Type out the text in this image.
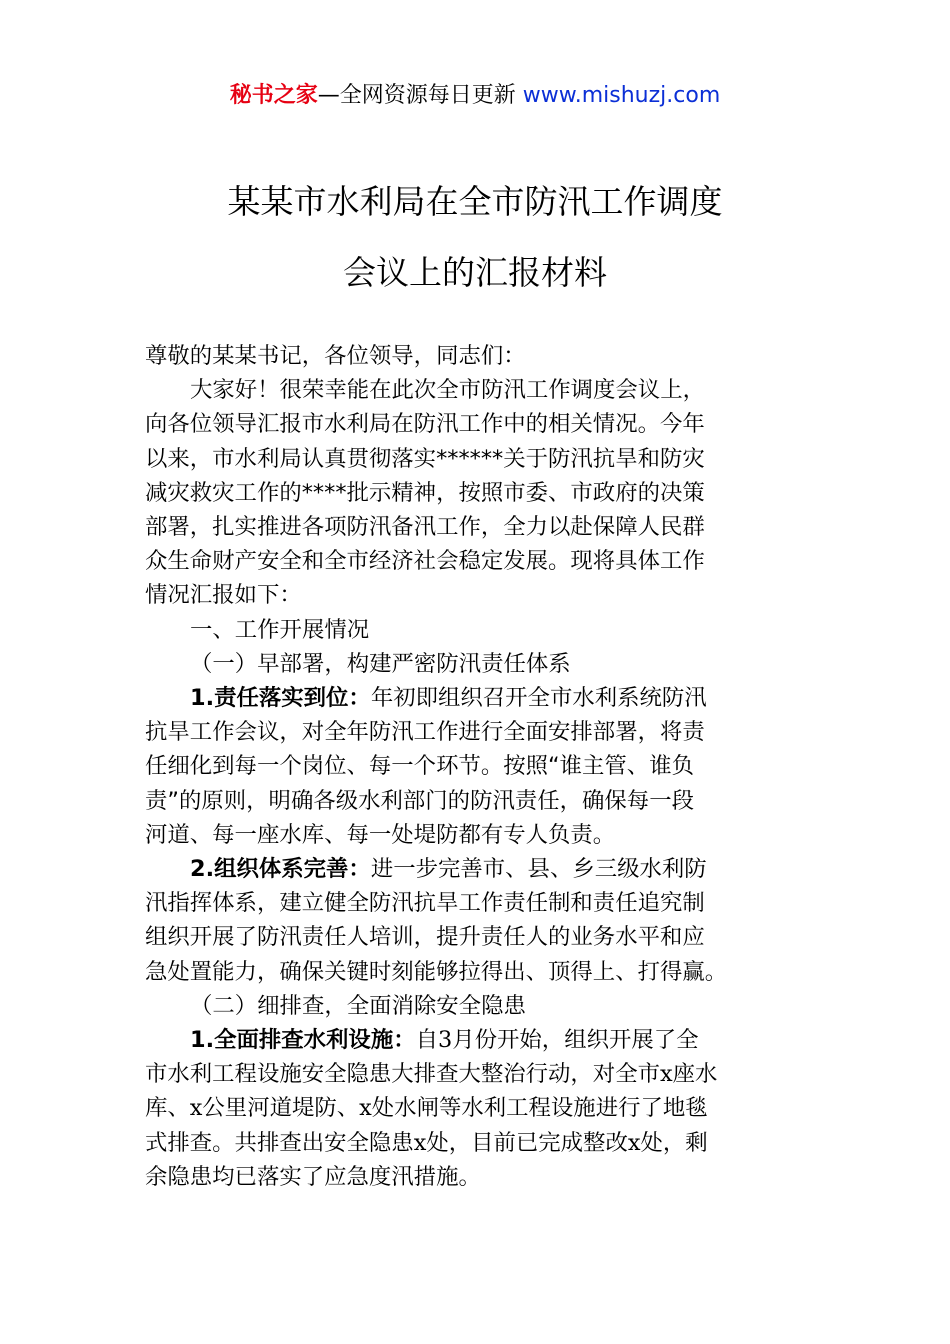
秘书之家—全网资源每日更新 www.mishuzj.com
某某市水利局在全市防汛工作调度
会议上的汇报材料

尊敬的某某书记，各位领导，同志们：

大家好！很荣幸能在此次全市防汛工作调度会议上，

向各位领导汇报市水利局在防汛工作中的相关情况。今年

以来，市水利局认真贯彻落实******关于防汛抗旱和防灾

减灾救灾工作的****批示精神，按照市委、市政府的决策

部署，扎实推进各项防汛备汛工作，全力以赴保障人民群

众生命财产安全和全市经济社会稳定发展。现将具体工作

情况汇报如下：

一、工作开展情况

（一）早部署，构建严密防汛责任体系

1.责任落实到位：年初即组织召开全市水利系统防汛

抗旱工作会议，对全年防汛工作进行全面安排部署，将责

任细化到每一个岗位、每一个环节。按照“谁主管、谁负

责”的原则，明确各级水利部门的防汛责任，确保每一段

河道、每一座水库、每一处堤防都有专人负责。

2.组织体系完善：进一步完善市、县、乡三级水利防

汛指挥体系，建立健全防汛抗旱工作责任制和责任追究制

组织开展了防汛责任人培训，提升责任人的业务水平和应

急处置能力，确保关键时刻能够拉得出、顶得上、打得赢。

（二）细排查，全面消除安全隐患

1.全面排查水利设施：自3月份开始，组织开展了全

市水利工程设施安全隐患大排查大整治行动，对全市x座水

库、x公里河道堤防、x处水闸等水利工程设施进行了地毯

式排查。共排查出安全隐患x处，目前已完成整改x处，剩

余隐患均已落实了应急度汛措施。
